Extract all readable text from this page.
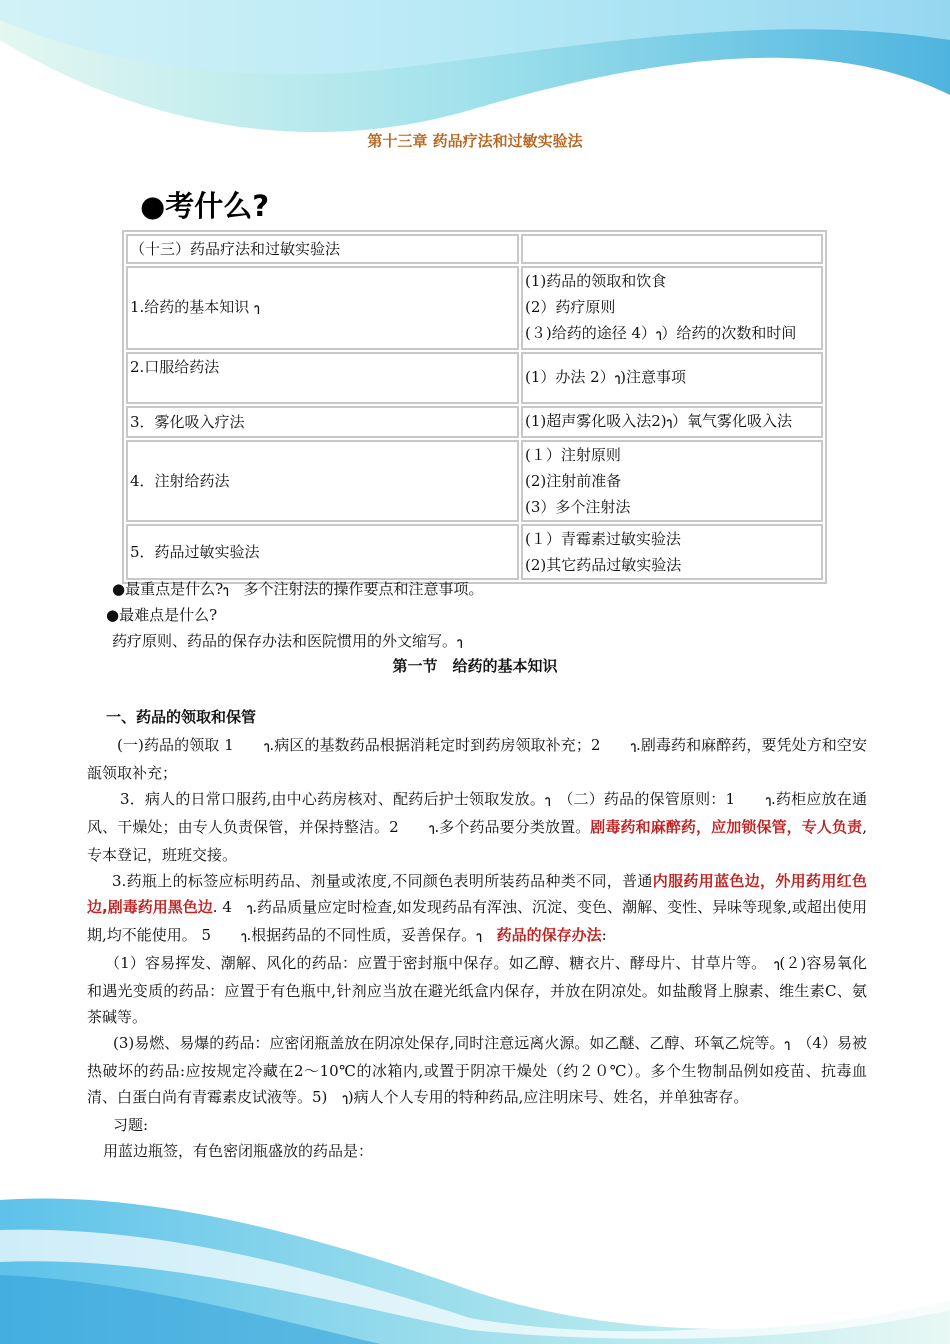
第十三章 药品疗法和过敏实验法
●考什么?
（十三）药品疗法和过敏实验法	
1.给药的基本知识 ๅ	(1)药品的领取和饮食
(2）药疗原则
(３)给药的途径 4）ๅ）给药的次数和时间

2.口服给药法	(1）办法 2）ๅ)注意事项
3．雾化吸入疗法	(1)超声雾化吸入法2)ๅ）氧气雾化吸入法
4．注射给药法	(１）注射原则
(2)注射前准备
(3）多个注射法

5．药品过敏实验法	(１）青霉素过敏实验法
(2)其它药品过敏实验法
●最重点是什么?ๅ　 多个注射法的操作要点和注意事项。
●最难点是什么?
药疗原则、药品的保存办法和医院惯用的外文缩写。ๅ
第一节　给药的基本知识
一、药品的领取和保管

(一)药品的领取 1　　ๅ.病区的基数药品根据消耗定时到药房领取补充；2　　ๅ.剧毒药和麻醉药，要凭处方和空安瓿领取补充；

3．病人的日常口服药,由中心药房核对、配药后护士领取发放。ๅ　 （二）药品的保管原则：1　　ๅ.药柜应放在通风、干燥处；由专人负责保管，并保持整洁。2　　ๅ.多个药品要分类放置。剧毒药和麻醉药，应加锁保管，专人负责,专本登记，班班交接。

3.药瓶上的标签应标明药品、剂量或浓度,不同颜色表明所装药品种类不同，普通内服药用蓝色边，外用药用红色边,剧毒药用黑色边. 4　ๅ.药品质量应定时检查,如发现药品有浑浊、沉淀、变色、潮解、变性、异味等现象,或超出使用期,均不能使用。 5　　ๅ.根据药品的不同性质，妥善保存。ๅ　 药品的保存办法:

（1）容易挥发、潮解、风化的药品：应置于密封瓶中保存。如乙醇、糖衣片、酵母片、甘草片等。　 ๅ(２)容易氧化和遇光变质的药品：应置于有色瓶中,针剂应当放在避光纸盒内保存，并放在阴凉处。如盐酸肾上腺素、维生素C、氨茶碱等。

(3)易燃、易爆的药品：应密闭瓶盖放在阴凉处保存,同时注意远离火源。如乙醚、乙醇、环氧乙烷等。ๅ　 （4）易被热破坏的药品:应按规定冷藏在2～10℃的冰箱内,或置于阴凉干燥处（约２０℃）。多个生物制品例如疫苗、抗毒血清、白蛋白尚有青霉素皮试液等。5)　ๅ)病人个人专用的特种药品,应注明床号、姓名，并单独寄存。

习题:

用蓝边瓶签，有色密闭瓶盛放的药品是：
